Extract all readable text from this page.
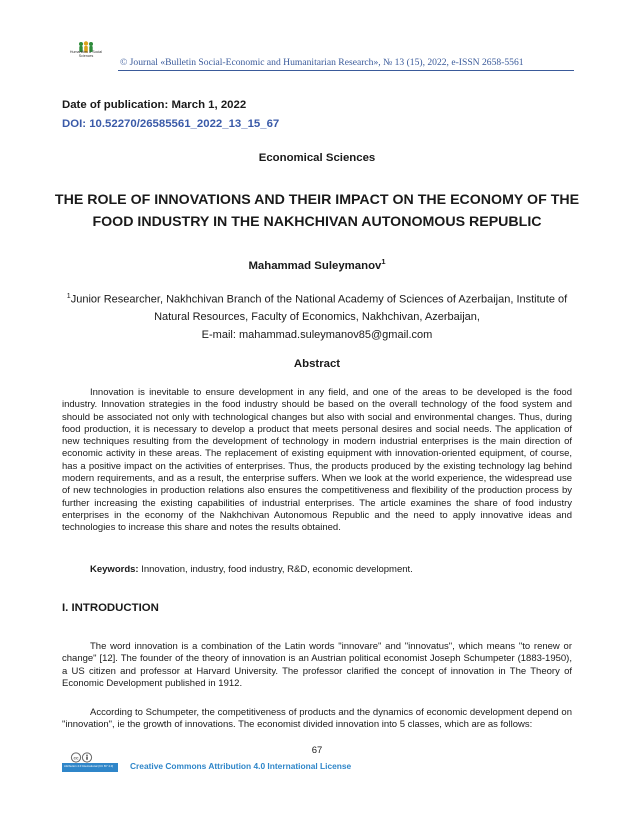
Humanities & Social
Sciences
© Journal «Bulletin Social-Economic and Humanitarian Research», № 13 (15), 2022, e-ISSN 2658-5561
Date of publication: March 1, 2022
DOI: 10.52270/26585561_2022_13_15_67
Economical Sciences
THE ROLE OF INNOVATIONS AND THEIR IMPACT ON THE ECONOMY OF THE FOOD INDUSTRY IN THE NAKHCHIVAN AUTONOMOUS REPUBLIC
Mahammad Suleymanov$^1$
$^1$Junior Researcher, Nakhchivan Branch of the National Academy of Sciences of Azerbaijan, Institute of Natural Resources, Faculty of Economics, Nakhchivan, Azerbaijan,
E-mail: mahammad.suleymanov85@gmail.com
Abstract

Innovation is inevitable to ensure development in any field, and one of the areas to be developed is the food industry. Innovation strategies in the food industry should be based on the overall technology of the food system and should be associated not only with technological changes but also with social and environmental changes. Thus, during food production, it is necessary to develop a product that meets personal desires and social needs. The application of new techniques resulting from the development of technology in modern industrial enterprises is the main direction of economic activity in these areas. The replacement of existing equipment with innovation-oriented equipment, of course, has a positive impact on the activities of enterprises. Thus, the products produced by the existing technology lag behind modern requirements, and as a result, the enterprise suffers. When we look at the world experience, the widespread use of new technologies in production relations also ensures the competitiveness and flexibility of the production process by further increasing the existing capabilities of industrial enterprises. The article examines the share of food industry enterprises in the economy of the Nakhchivan Autonomous Republic and the need to apply innovative ideas and technologies to increase this share and notes the results obtained.

Keywords: Innovation, industry, food industry, R&D, economic development.

I. INTRODUCTION

The word innovation is a combination of the Latin words "innovare" and "innovatus", which means "to renew or change" [12]. The founder of the theory of innovation is an Austrian political economist Joseph Schumpeter (1883-1950), a US citizen and professor at Harvard University. The professor clarified the concept of innovation in The Theory of Economic Development published in 1912.

According to Schumpeter, the competitiveness of products and the dynamics of economic development depend on "innovation", ie the growth of innovations. The economist divided innovation into 5 classes, which are as follows:

67
cc
Attribution 4.0 International (CC BY 4.0) Creative Commons Attribution 4.0 International License
